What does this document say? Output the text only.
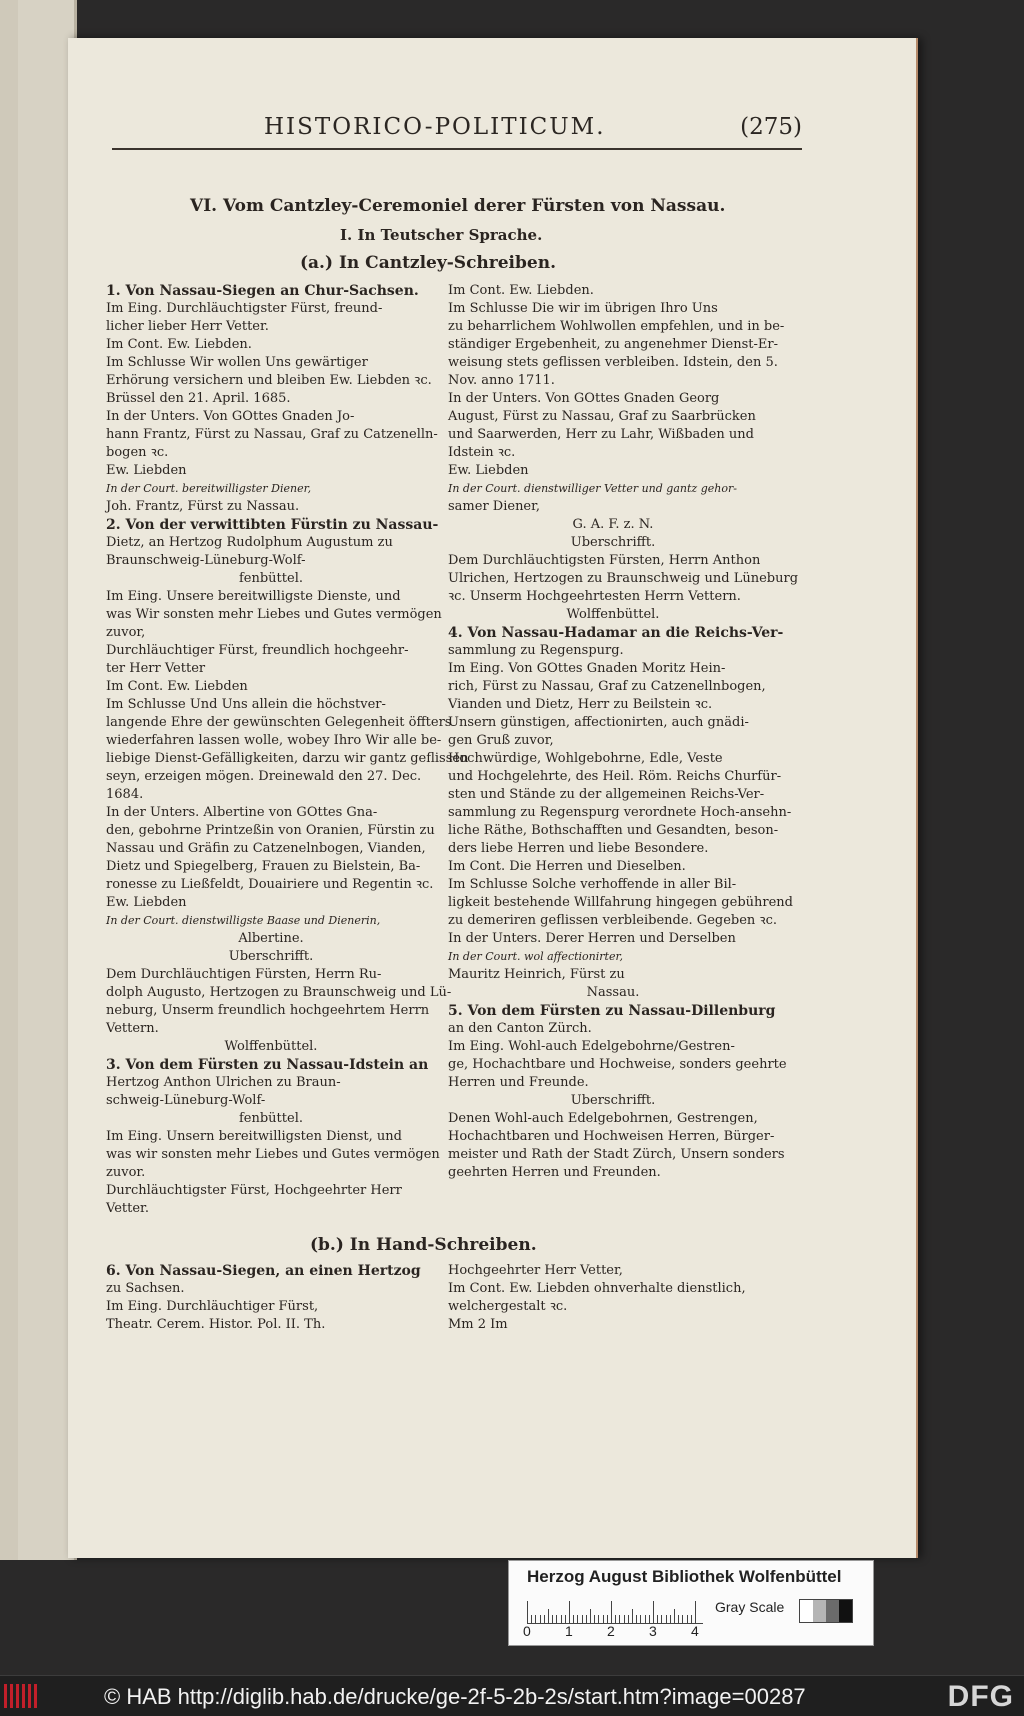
HISTORICO-POLITICUM.	(275)
VI. Vom Cantzley-Ceremoniel derer Fürsten von Nassau.
I. In Teutscher Sprache.
(a.) In Cantzley-Schreiben.
1. Von Nassau-Siegen an Chur-Sachsen.
Im Eing. Durchläuchtigster Fürst, freund-
licher lieber Herr Vetter.
Im Cont. Ew. Liebden.
Im Schlusse Wir wollen Uns gewärtiger
Erhörung versichern und bleiben Ew. Liebden ꝛc.
Brüssel den 21. April. 1685.
In der Unters. Von GOttes Gnaden Jo-
hann Frantz, Fürst zu Nassau, Graf zu Catzenelln-
bogen ꝛc.
Ew. Liebden
In der Court. bereitwilligster Diener,
Joh. Frantz, Fürst zu Nassau.
2. Von der verwittibten Fürstin zu Nassau-
Dietz, an Hertzog Rudolphum Augustum zu
Braunschweig-Lüneburg-Wolf-
fenbüttel.
Im Eing. Unsere bereitwilligste Dienste, und
was Wir sonsten mehr Liebes und Gutes vermögen
zuvor,
Durchläuchtiger Fürst, freundlich hochgeehr-
ter Herr Vetter
Im Cont. Ew. Liebden
Im Schlusse Und Uns allein die höchstver-
langende Ehre der gewünschten Gelegenheit öffters
wiederfahren lassen wolle, wobey Ihro Wir alle be-
liebige Dienst-Gefälligkeiten, darzu wir gantz geflissen
seyn, erzeigen mögen. Dreinewald den 27. Dec.
1684.
In der Unters. Albertine von GOttes Gna-
den, gebohrne Printzeßin von Oranien, Fürstin zu
Nassau und Gräfin zu Catzenelnbogen, Vianden,
Dietz und Spiegelberg, Frauen zu Bielstein, Ba-
ronesse zu Ließfeldt, Douairiere und Regentin ꝛc.
Ew. Liebden
In der Court. dienstwilligste Baase und Dienerin,
Albertine.
Uberschrifft.
Dem Durchläuchtigen Fürsten, Herrn Ru-
dolph Augusto, Hertzogen zu Braunschweig und Lü-
neburg, Unserm freundlich hochgeehrtem Herrn
Vettern.
Wolffenbüttel.
3. Von dem Fürsten zu Nassau-Idstein an
Hertzog Anthon Ulrichen zu Braun-
schweig-Lüneburg-Wolf-
fenbüttel.
Im Eing. Unsern bereitwilligsten Dienst, und
was wir sonsten mehr Liebes und Gutes vermögen
zuvor.
Durchläuchtigster Fürst, Hochgeehrter Herr
Vetter.
Im Cont. Ew. Liebden.
Im Schlusse Die wir im übrigen Ihro Uns
zu beharrlichem Wohlwollen empfehlen, und in be-
ständiger Ergebenheit, zu angenehmer Dienst-Er-
weisung stets geflissen verbleiben. Idstein, den 5.
Nov. anno 1711.
In der Unters. Von GOttes Gnaden Georg
August, Fürst zu Nassau, Graf zu Saarbrücken
und Saarwerden, Herr zu Lahr, Wißbaden und
Idstein ꝛc.
Ew. Liebden
In der Court. dienstwilliger Vetter und gantz gehor-
samer Diener,
G. A. F. z. N.
Uberschrifft.
Dem Durchläuchtigsten Fürsten, Herrn Anthon
Ulrichen, Hertzogen zu Braunschweig und Lüneburg
ꝛc. Unserm Hochgeehrtesten Herrn Vettern.
Wolffenbüttel.
4. Von Nassau-Hadamar an die Reichs-Ver-
sammlung zu Regenspurg.
Im Eing. Von GOttes Gnaden Moritz Hein-
rich, Fürst zu Nassau, Graf zu Catzenellnbogen,
Vianden und Dietz, Herr zu Beilstein ꝛc.
Unsern günstigen, affectionirten, auch gnädi-
gen Gruß zuvor,
Hochwürdige, Wohlgebohrne, Edle, Veste
und Hochgelehrte, des Heil. Röm. Reichs Churfür-
sten und Stände zu der allgemeinen Reichs-Ver-
sammlung zu Regenspurg verordnete Hoch-ansehn-
liche Räthe, Bothschafften und Gesandten, beson-
ders liebe Herren und liebe Besondere.
Im Cont. Die Herren und Dieselben.
Im Schlusse Solche verhoffende in aller Bil-
ligkeit bestehende Willfahrung hingegen gebührend
zu demeriren geflissen verbleibende. Gegeben ꝛc.
In der Unters. Derer Herren und Derselben
In der Court. wol affectionirter,
Mauritz Heinrich, Fürst zu
Nassau.
5. Von dem Fürsten zu Nassau-Dillenburg
an den Canton Zürch.
Im Eing. Wohl-auch Edelgebohrne/Gestren-
ge, Hochachtbare und Hochweise, sonders geehrte
Herren und Freunde.
Uberschrifft.
Denen Wohl-auch Edelgebohrnen, Gestrengen,
Hochachtbaren und Hochweisen Herren, Bürger-
meister und Rath der Stadt Zürch, Unsern sonders
geehrten Herren und Freunden.
(b.) In Hand-Schreiben.
6. Von Nassau-Siegen, an einen Hertzog
zu Sachsen.
Im Eing. Durchläuchtiger Fürst,
Theatr. Cerem. Histor. Pol. II. Th.
Hochgeehrter Herr Vetter,
Im Cont. Ew. Liebden ohnverhalte dienstlich,
welchergestalt ꝛc.
Mm 2 Im
Herzog August Bibliothek Wolfenbüttel
0 1 2 3 4
Gray Scale
© HAB http://diglib.hab.de/drucke/ge-2f-5-2b-2s/start.htm?image=00287	DFG
